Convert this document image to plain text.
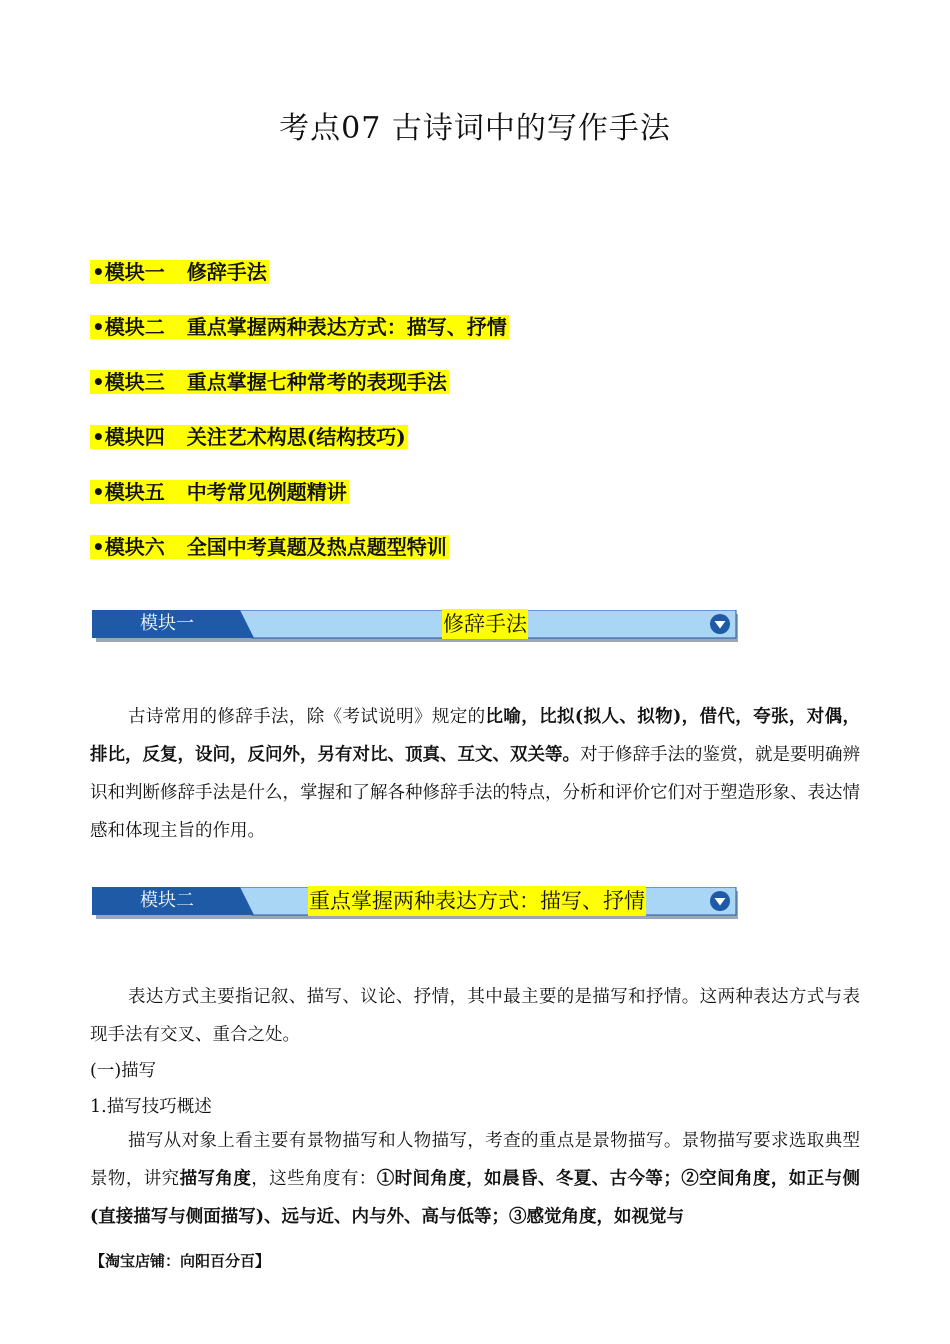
考点07 古诗词中的写作手法
•模块一 修辞手法
•模块二 重点掌握两种表达方式：描写、抒情
•模块三 重点掌握七种常考的表现手法
•模块四 关注艺术构思(结构技巧)
•模块五 中考常见例题精讲
•模块六 全国中考真题及热点题型特训
模块一	修辞手法
古诗常用的修辞手法，除《考试说明》规定的比喻，比拟(拟人、拟物)，借代，夸张，对偶，排比，反复，设问，反问外，另有对比、顶真、互文、双关等。对于修辞手法的鉴赏，就是要明确辨识和判断修辞手法是什么，掌握和了解各种修辞手法的特点，分析和评价它们对于塑造形象、表达情感和体现主旨的作用。
模块二	重点掌握两种表达方式：描写、抒情
表达方式主要指记叙、描写、议论、抒情，其中最主要的是描写和抒情。这两种表达方式与表现手法有交叉、重合之处。
(一)描写
1.描写技巧概述
描写从对象上看主要有景物描写和人物描写，考查的重点是景物描写。景物描写要求选取典型景物，讲究描写角度，这些角度有：①时间角度，如晨昏、冬夏、古今等；②空间角度，如正与侧(直接描写与侧面描写)、远与近、内与外、高与低等；③感觉角度，如视觉与
【淘宝店铺：向阳百分百】
